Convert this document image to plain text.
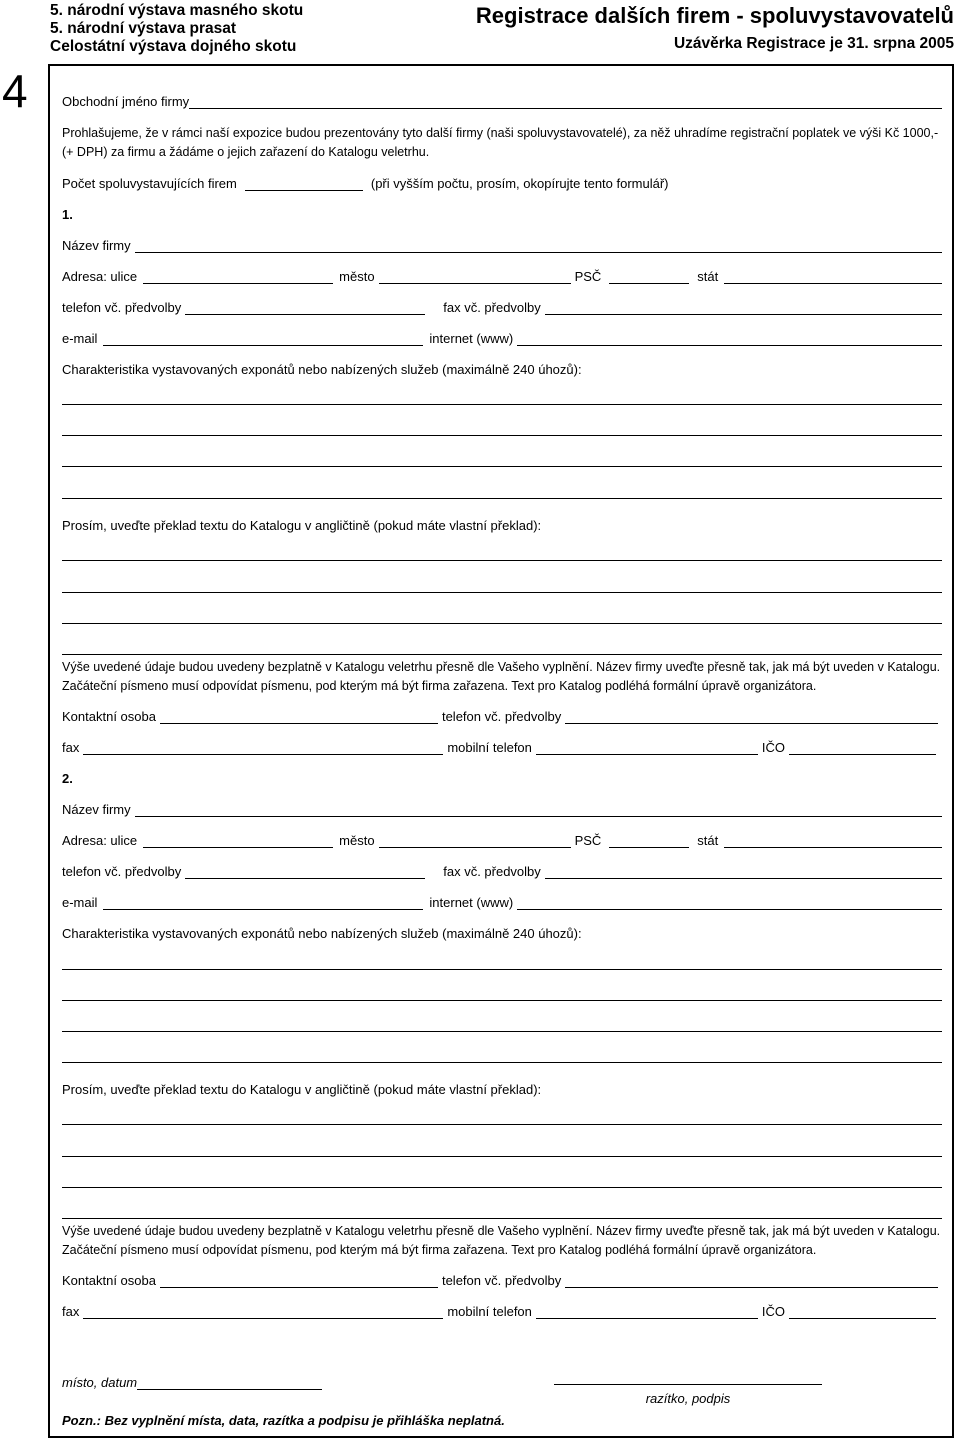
5. národní výstava masného skotu
5. národní výstava prasat
Celostátní výstava dojného skotu
Registrace dalších firem - spoluvystavovatelů
Uzávěrka Registrace je 31. srpna 2005
4	Obchodní jméno firmy
Prohlašujeme, že v rámci naší expozice budou prezentovány tyto další firmy (naši spoluvystavovatelé), za něž uhradíme registrační poplatek ve výši Kč 1000,- (+ DPH) za firmu a žádáme o jejich zařazení do Katalogu veletrhu.
Počet spoluvystavujících firem	(při vyšším počtu, prosím, okopírujte tento formulář)
1.
Název firmy
Adresa: ulice	město	PSČ	stát
telefon vč. předvolby	fax vč. předvolby
e-mail	internet (www)
Charakteristika vystavovaných exponátů nebo nabízených služeb (maximálně 240 úhozů):
Prosím, uveďte překlad textu do Katalogu v angličtině (pokud máte vlastní překlad):
Výše uvedené údaje budou uvedeny bezplatně v Katalogu veletrhu přesně dle Vašeho vyplnění. Název firmy uveďte přesně tak, jak má být uveden v Katalogu. Začáteční písmeno musí odpovídat písmenu, pod kterým má být firma zařazena. Text pro Katalog podléhá formální úpravě organizátora.
Kontaktní osoba	telefon vč. předvolby
fax	mobilní telefon	IČO
2.
Název firmy
Adresa: ulice	město	PSČ	stát
telefon vč. předvolby	fax vč. předvolby
e-mail	internet (www)
Charakteristika vystavovaných exponátů nebo nabízených služeb (maximálně 240 úhozů):
Prosím, uveďte překlad textu do Katalogu v angličtině (pokud máte vlastní překlad):
Výše uvedené údaje budou uvedeny bezplatně v Katalogu veletrhu přesně dle Vašeho vyplnění. Název firmy uveďte přesně tak, jak má být uveden v Katalogu. Začáteční písmeno musí odpovídat písmenu, pod kterým má být firma zařazena. Text pro Katalog podléhá formální úpravě organizátora.
Kontaktní osoba	telefon vč. předvolby
fax	mobilní telefon	IČO
místo, datum
razítko, podpis
Pozn.: Bez vyplnění místa, data, razítka a podpisu je přihláška neplatná.
